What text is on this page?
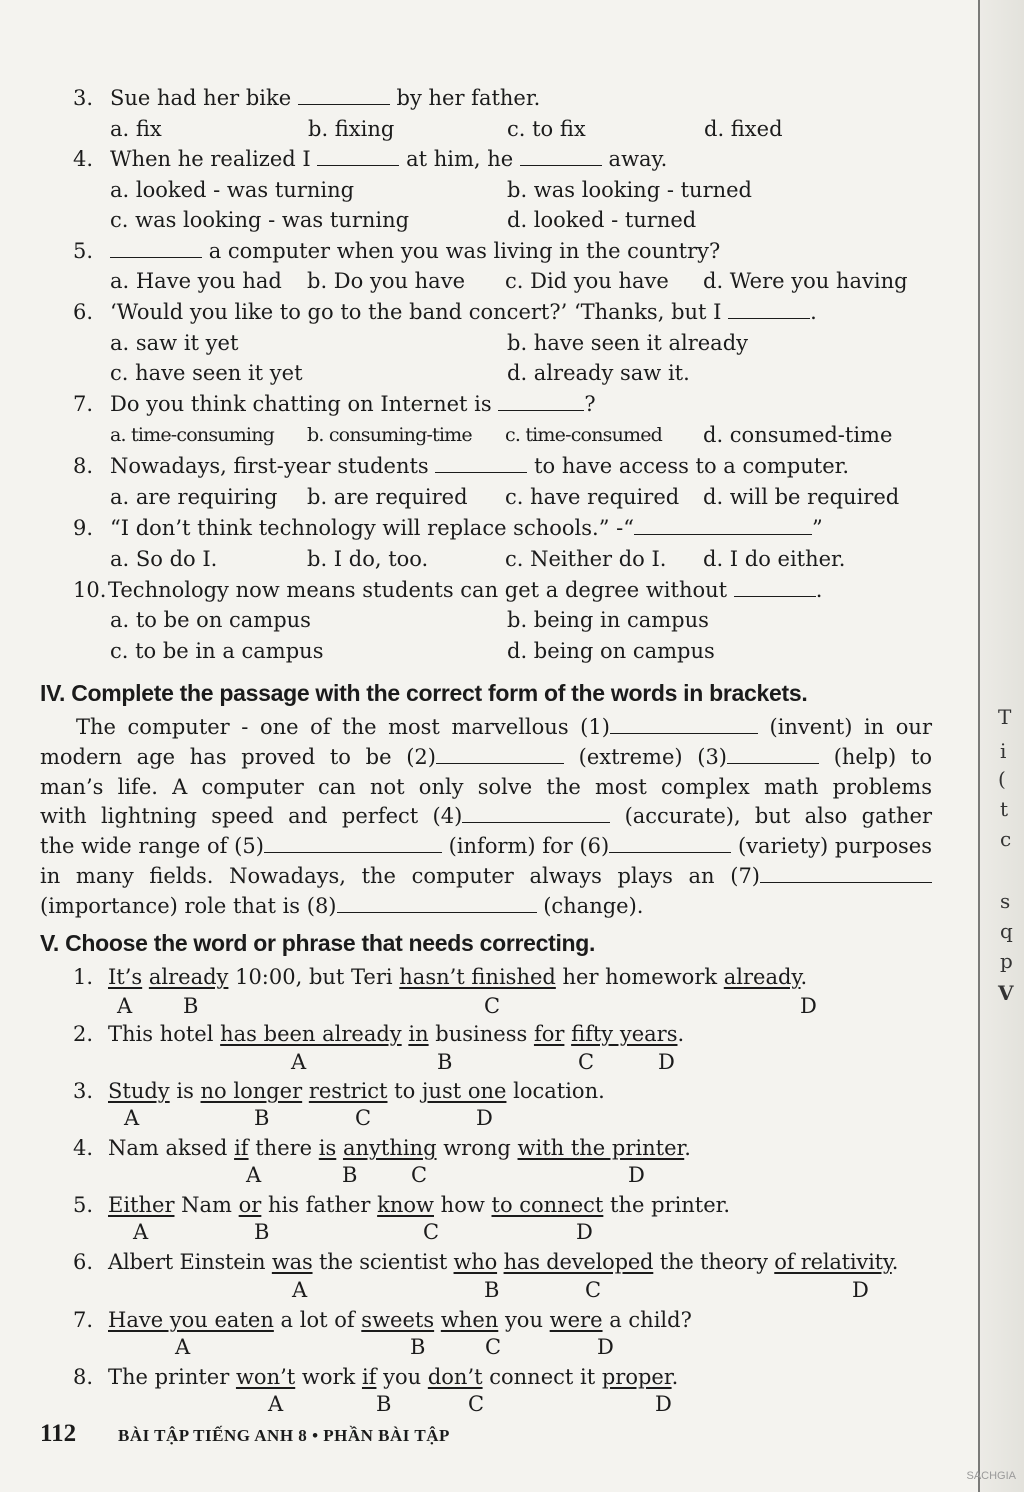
3. Sue had her bike	by her father.
a. fix	b. fixing	c. to fix	d. fixed
4. When he realized I	at him, he	away.
a. looked - was turning	b. was looking - turned
c. was looking - was turning	d. looked - turned
5.	a computer when you was living in the country?
a. Have you had b. Do you have c. Did you have d. Were you having
6. ‘Would you like to go to the band concert?’ ‘Thanks, but I	.
a. saw it yet	b. have seen it already
c. have seen it yet	d. already saw it.
7. Do you think chatting on Internet is	?
a. time-consuming b. consuming-time c. time-consumed d. consumed-time
8. Nowadays, first-year students	to have access to a computer.
a. are requiring b. are required c. have required d. will be required
9. “I don’t think technology will replace schools.” -“	”
a. So do I.	b. I do, too.	c. Neither do I. d. I do either.
10. Technology now means students can get a degree without	.
a. to be on campus	b. being in campus
c. to be in a campus	d. being on campus
IV. Complete the passage with the correct form of the words in brackets.
The computer - one of the most marvellous (1)	(invent) in our
modern age has proved to be (2)	(extreme) (3)	(help) to
man’s life. A computer can not only solve the most complex math problems
with lightning speed and perfect (4)	(accurate), but also gather
the wide range of (5)	(inform) for (6)	(variety) purposes
in many fields. Nowadays, the computer always plays an (7)
(importance) role that is (8)	(change).
V. Choose the word or phrase that needs correcting.
1. It’s already 10:00, but Teri hasn’t finished her homework already.
A B	C	D
2. This hotel has been already in business for fifty years.
A	B	C	D
3. Study is no longer restrict to just one location.
A	B	C	D
4. Nam aksed if there is anything wrong with the printer.
A	B	C	D
5. Either Nam or his father know how to connect the printer.
A	B	C	D
6. Albert Einstein was the scientist who has developed the theory of relativity.
A	B	C	D
7. Have you eaten a lot of sweets when you were a child?
A	B	C	D
8. The printer won’t work if you don’t connect it proper.
A	B	C	D
112 BÀI TẬP TIẾNG ANH 8 • PHẦN BÀI TẬP
T
i
(
t
c
s
q
p
V
SACHGIA
